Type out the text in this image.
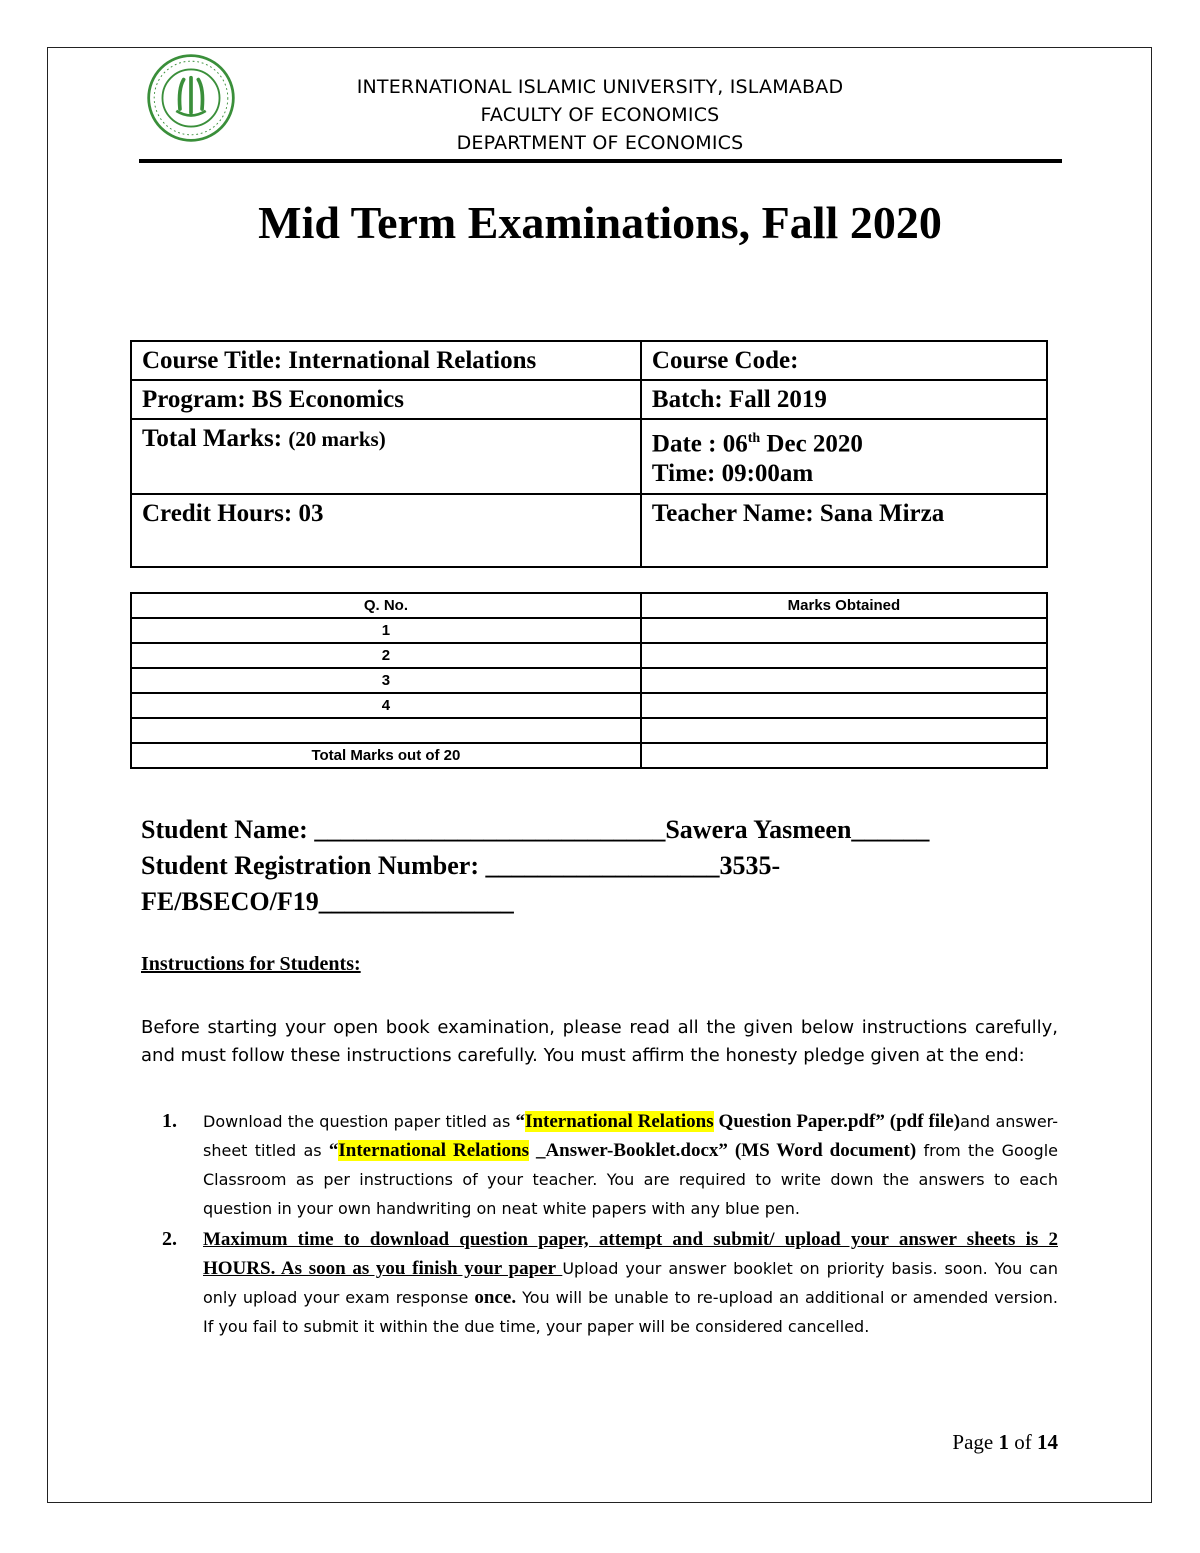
INTERNATIONAL ISLAMIC UNIVERSITY, ISLAMABAD
FACULTY OF ECONOMICS
DEPARTMENT OF ECONOMICS
Mid Term Examinations, Fall 2020
Course Title: International Relations	Course Code:
Program: BS Economics	Batch: Fall 2019
Total Marks: (20 marks)	Date : 06th Dec 2020
Time: 09:00am

Credit Hours: 03	Teacher Name: Sana Mirza
Q. No.	Marks Obtained
1	
2	
3	
4	

Total Marks out of 20	
Student Name: ___________________________Sawera Yasmeen______
Student Registration Number: __________________3535-
FE/BSECO/F19_______________
Instructions for Students:
Before starting your open book examination, please read all the given below instructions carefully, and must follow these instructions carefully. You must affirm the honesty pledge given at the end:
1. Download the question paper titled as “International Relations Question Paper.pdf” (pdf file)and answer-sheet titled as “International Relations _Answer-Booklet.docx” (MS Word document) from the Google Classroom as per instructions of your teacher. You are required to write down the answers to each question in your own handwriting on neat white papers with any blue pen.
2. Maximum time to download question paper, attempt and submit/ upload your answer sheets is 2 HOURS. As soon as you finish your paper Upload your answer booklet on priority basis. soon. You can only upload your exam response once. You will be unable to re-upload an additional or amended version. If you fail to submit it within the due time, your paper will be considered cancelled.
Page 1 of 14
